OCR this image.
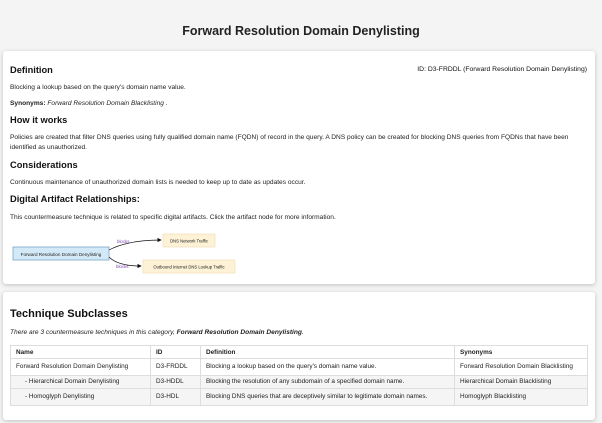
Forward Resolution Domain Denylisting
Definition	ID: D3-FRDDL (Forward Resolution Domain Denylisting)
Blocking a lookup based on the query's domain name value.
Synonyms: Forward Resolution Domain Blacklisting .
How it works
Policies are created that filter DNS queries using fully qualified domain name (FQDN) of record in the query. A DNS policy can be created for blocking DNS queries from FQDNs that have been identified as unauthorized.
Considerations
Continuous maintenance of unauthorized domain lists is needed to keep up to date as updates occur.
Digital Artifact Relationships:
This countermeasure technique is related to specific digital artifacts. Click the artifact node for more information.
Forward Resolution Domain Denylisting
blocks	DNS Network Traffic
blocks	Outbound Internet DNS Lookup Traffic
Technique Subclasses
There are 3 countermeasure techniques in this category, Forward Resolution Domain Denylisting.
Name	ID	Definition	Synonyms
Forward Resolution Domain Denylisting	D3-FRDDL	Blocking a lookup based on the query's domain name value.	Forward Resolution Domain Blacklisting
- Hierarchical Domain Denylisting	D3-HDDL	Blocking the resolution of any subdomain of a specified domain name.	Hierarchical Domain Blacklisting
- Homoglyph Denylisting	D3-HDL	Blocking DNS queries that are deceptively similar to legitimate domain names.	Homoglyph Blacklisting
